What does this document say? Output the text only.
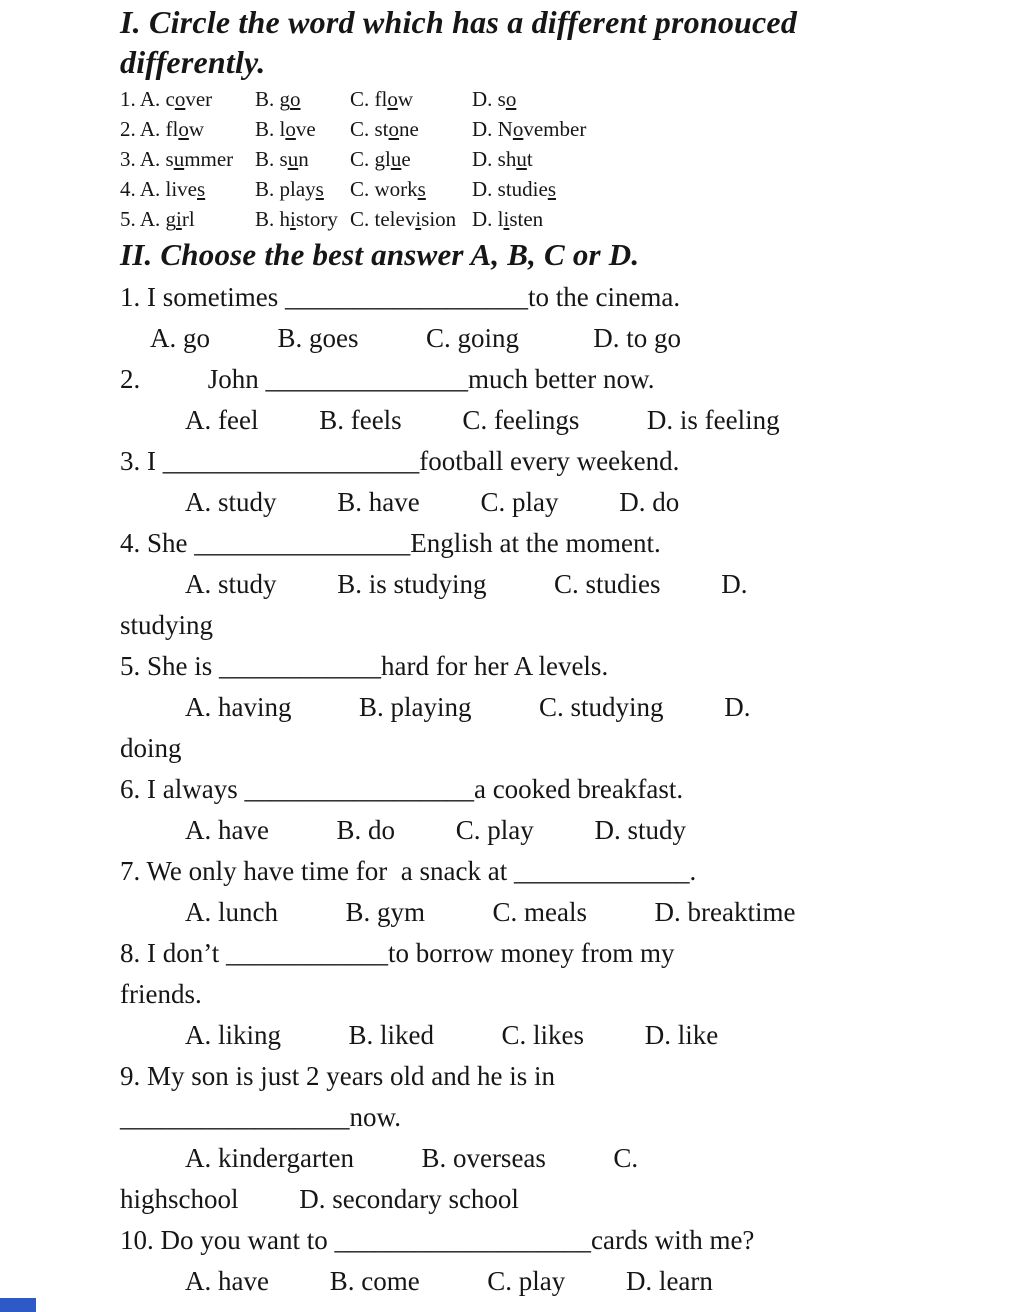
I. Circle the word which has a different pronouced
differently.
1. A. cover	B. go	C. flow	D. so
2. A. flow	B. love	C. stone	D. November
3. A. summer	B. sun	C. glue	D. shut
4. A. lives	B. plays	C. works	D. studies
5. A. girl	B. history C. television D. listen
II. Choose the best answer A, B, C or D.
1. I sometimes __________________to the cinema.
A. go          B. goes          C. going           D. to go
2.          John _______________much better now.
A. feel         B. feels         C. feelings          D. is feeling
3. I ___________________football every weekend.
A. study         B. have         C. play         D. do
4. She ________________English at the moment.
A. study         B. is studying          C. studies         D.
studying
5. She is ____________hard for her A levels.
A. having          B. playing          C. studying         D.
doing
6. I always _________________a cooked breakfast.
A. have          B. do         C. play         D. study
7. We only have time for  a snack at _____________.
A. lunch          B. gym          C. meals          D. breaktime
8. I don’t ____________to borrow money from my
friends.
A. liking          B. liked          C. likes         D. like
9. My son is just 2 years old and he is in
_________________now.
A. kindergarten          B. overseas          C.
highschool         D. secondary school
10. Do you want to ___________________cards with me?
A. have         B. come          C. play         D. learn
